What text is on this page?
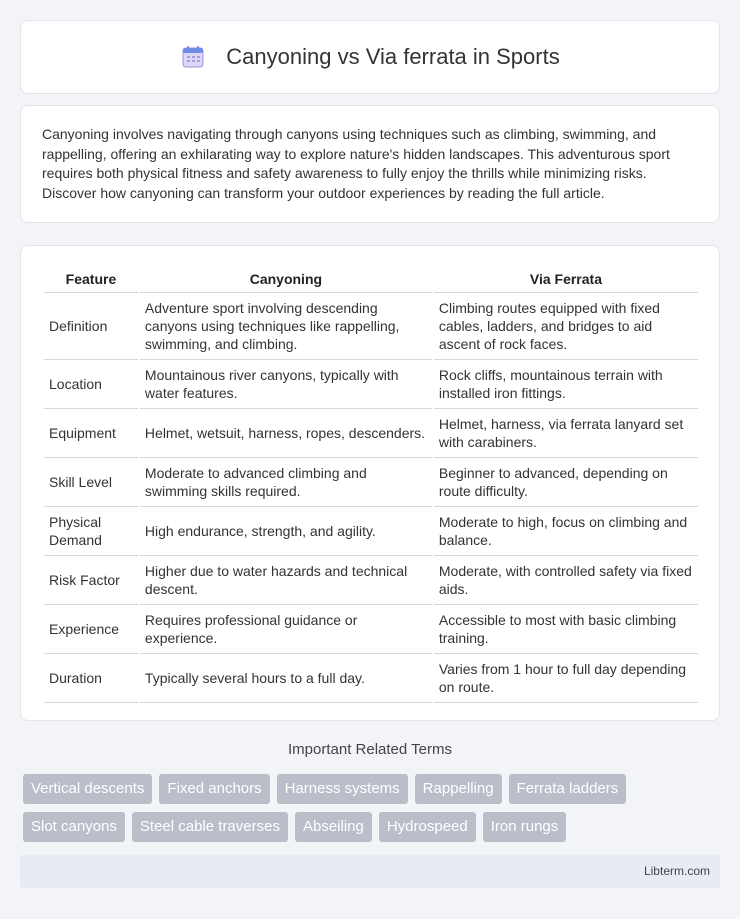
Canyoning vs Via ferrata in Sports

Canyoning involves navigating through canyons using techniques such as climbing, swimming, and rappelling, offering an exhilarating way to explore nature's hidden landscapes. This adventurous sport requires both physical fitness and safety awareness to fully enjoy the thrills while minimizing risks. Discover how canyoning can transform your outdoor experiences by reading the full article.

Feature	Canyoning	Via Ferrata
Definition	Adventure sport involving descending canyons using techniques like rappelling, swimming, and climbing.	Climbing routes equipped with fixed cables, ladders, and bridges to aid ascent of rock faces.
Location	Mountainous river canyons, typically with water features.	Rock cliffs, mountainous terrain with installed iron fittings.
Equipment	Helmet, wetsuit, harness, ropes, descenders.	Helmet, harness, via ferrata lanyard set with carabiners.
Skill Level	Moderate to advanced climbing and swimming skills required.	Beginner to advanced, depending on route difficulty.
Physical Demand	High endurance, strength, and agility.	Moderate to high, focus on climbing and balance.
Risk Factor	Higher due to water hazards and technical descent.	Moderate, with controlled safety via fixed aids.
Experience	Requires professional guidance or experience.	Accessible to most with basic climbing training.
Duration	Typically several hours to a full day.	Varies from 1 hour to full day depending on route.
Important Related Terms
Vertical descents	Fixed anchors	Harness systems	Rappelling	Ferrata ladders
Slot canyons	Steel cable traverses	Abseiling	Hydrospeed	Iron rungs
Libterm.com
